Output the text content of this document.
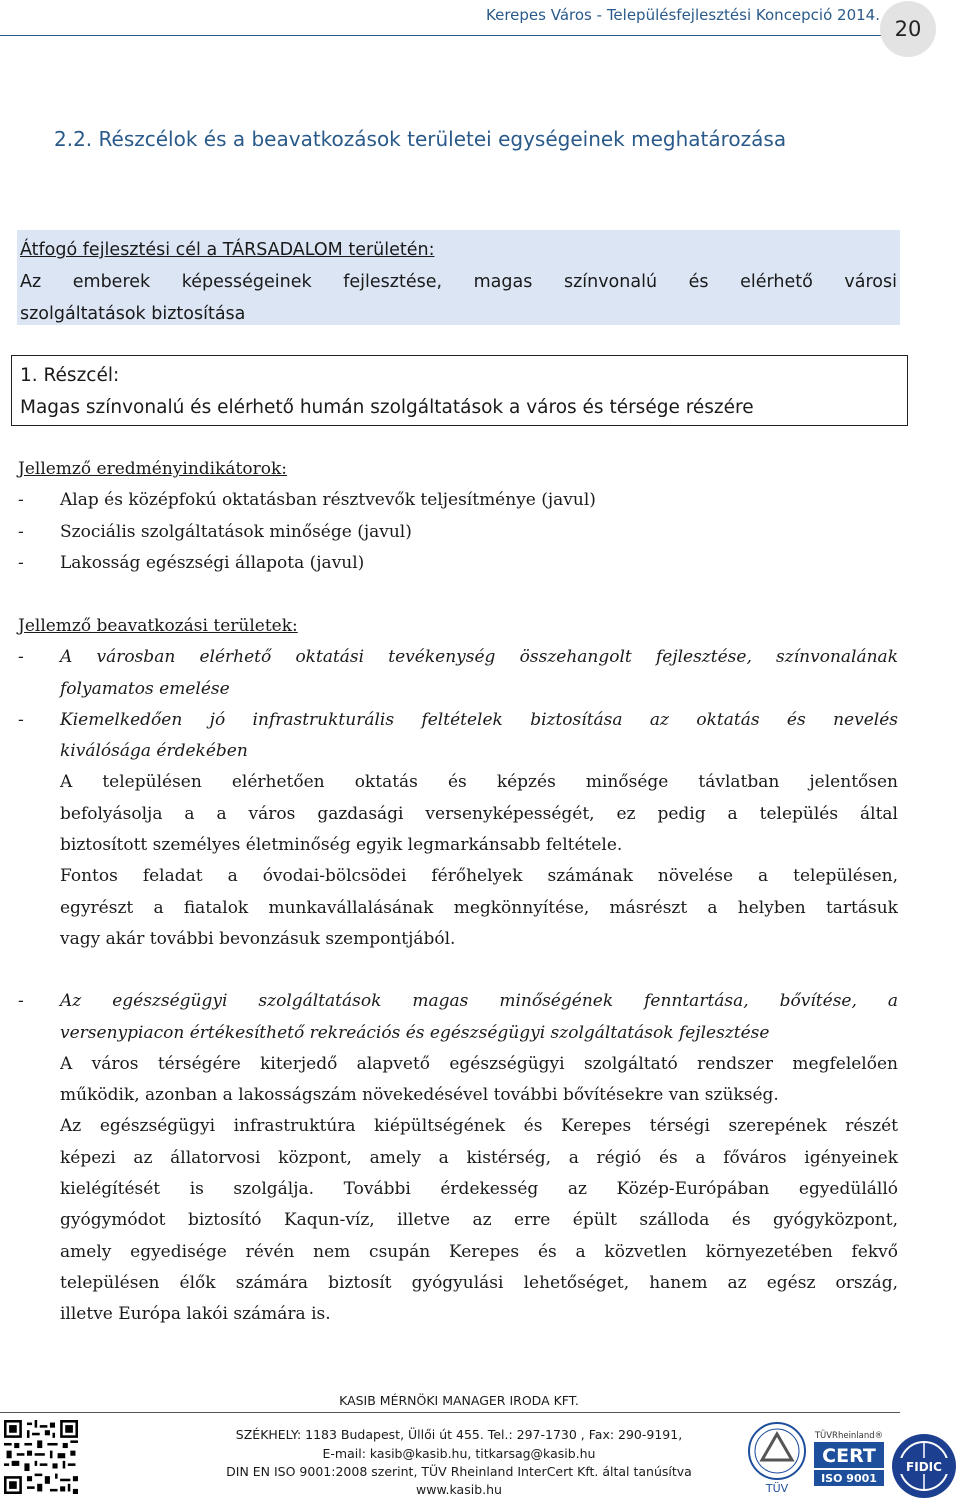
Kerepes Város - Településfejlesztési Koncepció 2014.
20
2.2. Részcélok és a beavatkozások területei egységeinek meghatározása
Átfogó fejlesztési cél a TÁRSADALOM területén:
Az emberek képességeinek fejlesztése, magas színvonalú és elérhető városi
szolgáltatások biztosítása
1. Részcél:
Magas színvonalú és elérhető humán szolgáltatások a város és térsége részére
Jellemző eredményindikátorok:
-	Alap és középfokú oktatásban résztvevők teljesítménye (javul)
-	Szociális szolgáltatások minősége (javul)
-	Lakosság egészségi állapota (javul)
Jellemző beavatkozási területek:
-	A városban elérhető oktatási tevékenység összehangolt fejlesztése, színvonalának
folyamatos emelése
-	Kiemelkedően jó infrastrukturális feltételek biztosítása az oktatás és nevelés
kiválósága érdekében
A településen elérhetően oktatás és képzés minősége távlatban jelentősen
befolyásolja a a város gazdasági versenyképességét, ez pedig a település által
biztosított személyes életminőség egyik legmarkánsabb feltétele.
Fontos feladat a óvodai-bölcsödei férőhelyek számának növelése a településen,
egyrészt a fiatalok munkavállalásának megkönnyítése, másrészt a helyben tartásuk
vagy akár további bevonzásuk szempontjából.
-	Az egészségügyi szolgáltatások magas minőségének fenntartása, bővítése, a
versenypiacon értékesíthető rekreációs és egészségügyi szolgáltatások fejlesztése
A város térségére kiterjedő alapvető egészségügyi szolgáltató rendszer megfelelően
működik, azonban a lakosságszám növekedésével további bővítésekre van szükség.
Az egészségügyi infrastruktúra kiépültségének és Kerepes térségi szerepének részét
képezi az állatorvosi központ, amely a kistérség, a régió és a főváros igényeinek
kielégítését is szolgálja. További érdekesség az Közép-Európában egyedülálló
gyógymódot biztosító Kaqun-víz, illetve az erre épült szálloda és gyógyközpont,
amely egyedisége révén nem csupán Kerepes és a közvetlen környezetében fekvő
településen élők számára biztosít gyógyulási lehetőséget, hanem az egész ország,
illetve Európa lakói számára is.
KASIB MÉRNÖKI MANAGER IRODA KFT.
SZÉKHELY: 1183 Budapest, Üllői út 455. Tel.: 297-1730 , Fax: 290-9191,
E-mail: kasib@kasib.hu, titkarsag@kasib.hu
DIN EN ISO 9001:2008 szerint, TÜV Rheinland InterCert Kft. által tanúsítva
www.kasib.hu	TÜV
TÜVRheinland®
CERT
ISO 9001
FIDIC
